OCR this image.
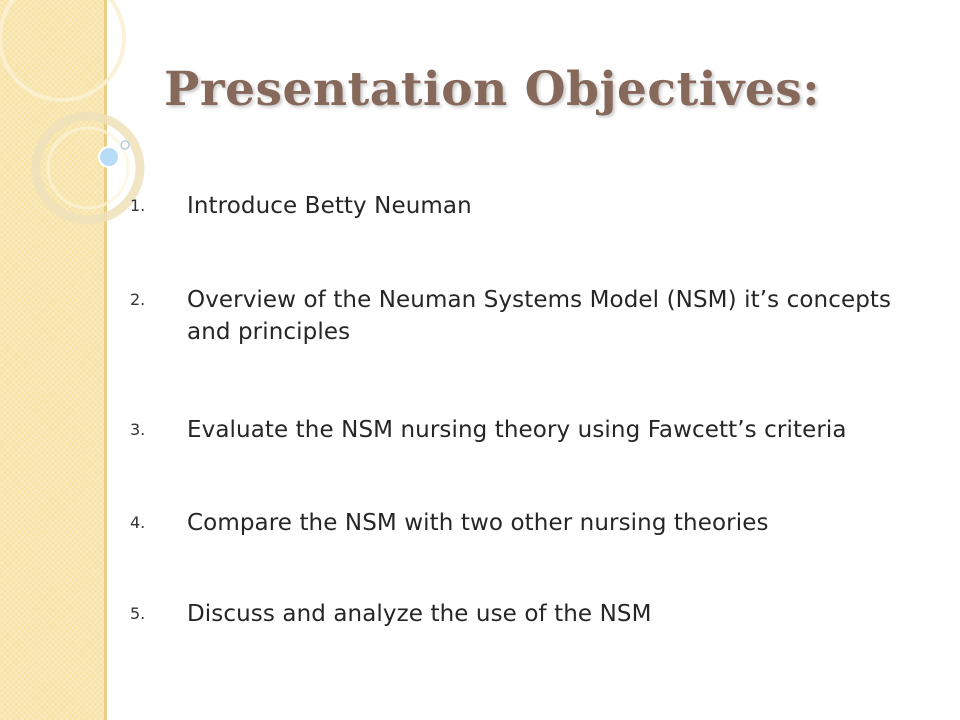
Presentation Objectives:
1. Introduce Betty Neuman
2. Overview of the Neuman Systems Model (NSM) it’s concepts and principles
3. Evaluate the NSM nursing theory using Fawcett’s criteria
4. Compare the NSM with two other nursing theories
5. Discuss and analyze the use of the NSM
